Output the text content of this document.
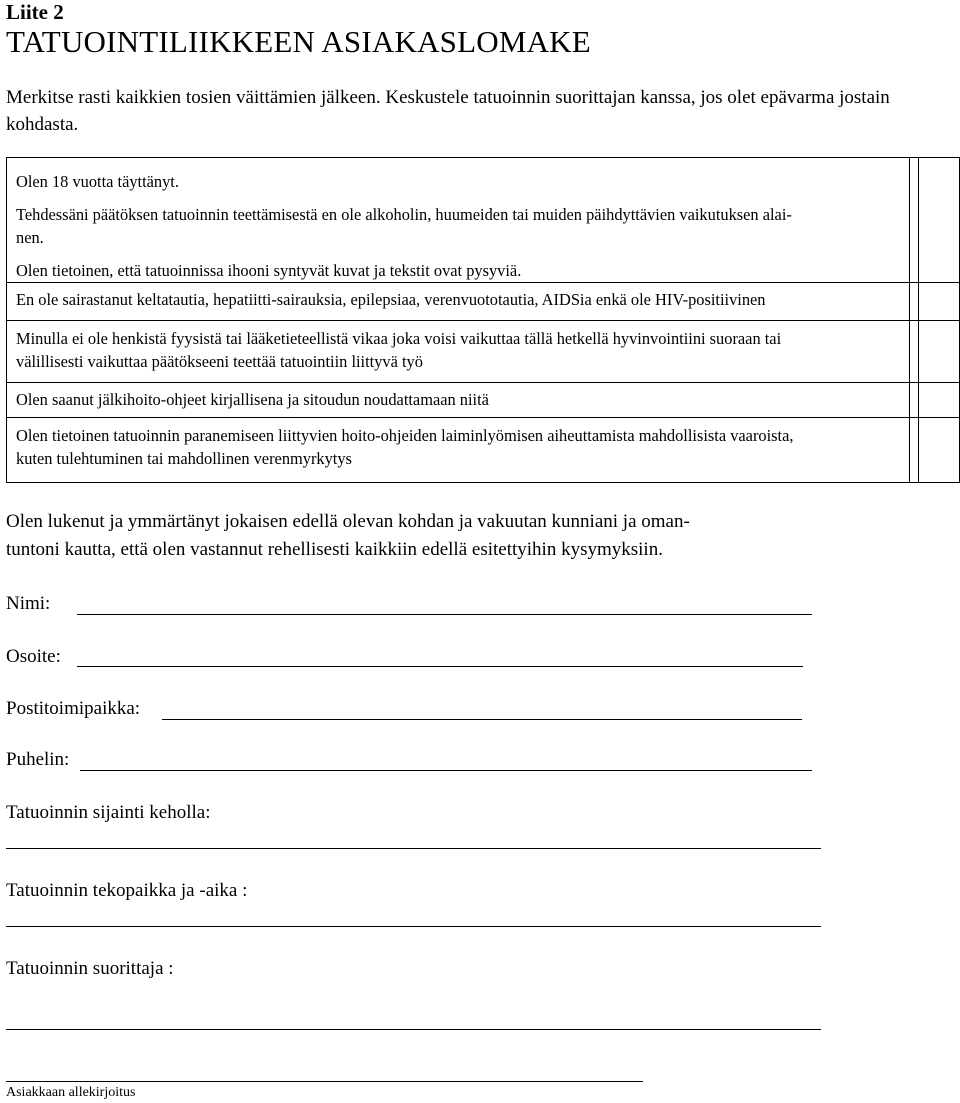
Liite 2
TATUOINTILIIKKEEN ASIAKASLOMAKE
Merkitse rasti kaikkien tosien väittämien jälkeen. Keskustele tatuoinnin suorittajan kanssa, jos olet epävarma jostain kohdasta.
Olen 18 vuotta täyttänyt.
Tehdessäni päätöksen tatuoinnin teettämisestä en ole alkoholin, huumeiden tai muiden päihdyttävien vaikutuksen alai-
nen.
Olen tietoinen, että tatuoinnissa ihooni syntyvät kuvat ja tekstit ovat pysyviä.		

En ole sairastanut keltatautia, hepatiitti-sairauksia, epilepsiaa, verenvuototautia, AIDSia enkä ole HIV-positiivinen		

Minulla ei ole henkistä fyysistä tai lääketieteellistä vikaa joka voisi vaikuttaa tällä hetkellä hyvinvointiini suoraan tai
välillisesti vaikuttaa päätökseeni teettää tatuointiin liittyvä työ		

Olen saanut jälkihoito-ohjeet kirjallisena ja sitoudun noudattamaan niitä		

Olen tietoinen tatuoinnin paranemiseen liittyvien hoito-ohjeiden laiminlyömisen aiheuttamista mahdollisista vaaroista,
kuten tulehtuminen tai mahdollinen verenmyrkytys		

Olen lukenut ja ymmärtänyt jokaisen edellä olevan kohdan ja vakuutan kunniani ja oman-
tuntoni kautta, että olen vastannut rehellisesti kaikkiin edellä esitettyihin kysymyksiin.
Nimi:
Osoite:
Postitoimipaikka:
Puhelin:
Tatuoinnin sijainti keholla:
Tatuoinnin tekopaikka ja -aika :
Tatuoinnin suorittaja :
Asiakkaan allekirjoitus
